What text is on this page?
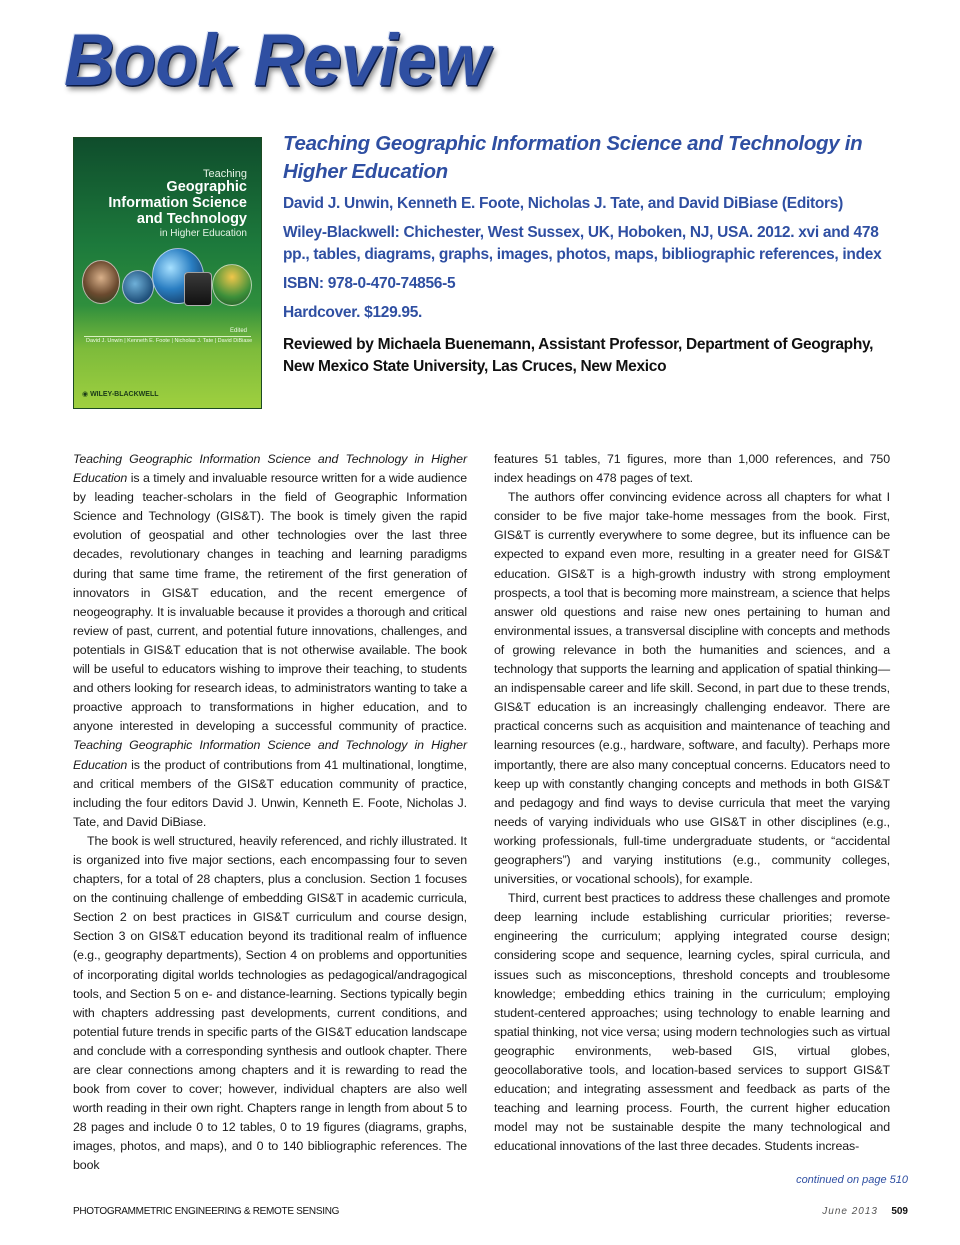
Book Review
Teaching
Geographic
Information Science
and Technology
in Higher Education
Edited
David J. Unwin | Kenneth E. Foote | Nicholas J. Tate | David DiBiase
◉ WILEY-BLACKWELL
Teaching Geographic Information Science and Technology in Higher Education
David J. Unwin, Kenneth E. Foote, Nicholas J. Tate, and David DiBiase (Editors)
Wiley-Blackwell: Chichester, West Sussex, UK, Hoboken, NJ, USA. 2012. xvi and 478 pp., tables, diagrams, graphs, images, photos, maps, bibliographic references, index
ISBN: 978-0-470-74856-5
Hardcover. $129.95.
Reviewed by Michaela Buenemann, Assistant Professor, Department of Geography, New Mexico State University, Las Cruces, New Mexico

Teaching Geographic Information Science and Technology in Higher Education is a timely and invaluable resource written for a wide audience by leading teacher-scholars in the field of Geographic Information Science and Technology (GIS&T). The book is timely given the rapid evolution of geospatial and other technologies over the last three decades, revolutionary changes in teaching and learning paradigms during that same time frame, the retirement of the first generation of innovators in GIS&T education, and the recent emergence of neogeography. It is invaluable because it provides a thorough and critical review of past, current, and potential future innovations, challenges, and potentials in GIS&T education that is not otherwise available. The book will be useful to educators wishing to improve their teaching, to students and others looking for research ideas, to administrators wanting to take a proactive approach to transformations in higher education, and to anyone interested in developing a successful community of practice. Teaching Geographic Information Science and Technology in Higher Education is the product of contributions from 41 multinational, longtime, and critical members of the GIS&T education community of practice, including the four editors David J. Unwin, Kenneth E. Foote, Nicholas J. Tate, and David DiBiase.

The book is well structured, heavily referenced, and richly illustrated. It is organized into five major sections, each encompassing four to seven chapters, for a total of 28 chapters, plus a conclusion. Section 1 focuses on the continuing challenge of embedding GIS&T in academic curricula, Section 2 on best practices in GIS&T curriculum and course design, Section 3 on GIS&T education beyond its traditional realm of influence (e.g., geography departments), Section 4 on problems and opportunities of incorporating digital worlds technologies as pedagogical/andragogical tools, and Section 5 on e- and distance-learning. Sections typically begin with chapters addressing past developments, current conditions, and potential future trends in specific parts of the GIS&T education landscape and conclude with a corresponding synthesis and outlook chapter. There are clear connections among chapters and it is rewarding to read the book from cover to cover; however, individual chapters are also well worth reading in their own right. Chapters range in length from about 5 to 28 pages and include 0 to 12 tables, 0 to 19 figures (diagrams, graphs, images, photos, and maps), and 0 to 140 bibliographic references. The book

features 51 tables, 71 figures, more than 1,000 references, and 750 index headings on 478 pages of text.

The authors offer convincing evidence across all chapters for what I consider to be five major take-home messages from the book. First, GIS&T is currently everywhere to some degree, but its influence can be expected to expand even more, resulting in a greater need for GIS&T education. GIS&T is a high-growth industry with strong employment prospects, a tool that is becoming more mainstream, a science that helps answer old questions and raise new ones pertaining to human and environmental issues, a transversal discipline with concepts and methods of growing relevance in both the humanities and sciences, and a technology that supports the learning and application of spatial thinking—an indispensable career and life skill. Second, in part due to these trends, GIS&T education is an increasingly challenging endeavor. There are practical concerns such as acquisition and maintenance of teaching and learning resources (e.g., hardware, software, and faculty). Perhaps more importantly, there are also many conceptual concerns. Educators need to keep up with constantly changing concepts and methods in both GIS&T and pedagogy and find ways to devise curricula that meet the varying needs of varying individuals who use GIS&T in other disciplines (e.g., working professionals, full-time undergraduate students, or “accidental geographers”) and varying institutions (e.g., community colleges, universities, or vocational schools), for example.

Third, current best practices to address these challenges and promote deep learning include establishing curricular priorities; reverse-engineering the curriculum; applying integrated course design; considering scope and sequence, learning cycles, spiral curricula, and issues such as misconceptions, threshold concepts and troublesome knowledge; embedding ethics training in the curriculum; employing student-centered approaches; using technology to enable learning and spatial thinking, not vice versa; using modern technologies such as virtual geographic environments, web-based GIS, virtual globes, geocollaborative tools, and location-based services to support GIS&T education; and integrating assessment and feedback as parts of the teaching and learning process. Fourth, the current higher education model may not be sustainable despite the many technological and educational innovations of the last three decades. Students increas-

continued on page 510
PHOTOGRAMMETRIC ENGINEERING & REMOTE SENSING	June 2013 509
